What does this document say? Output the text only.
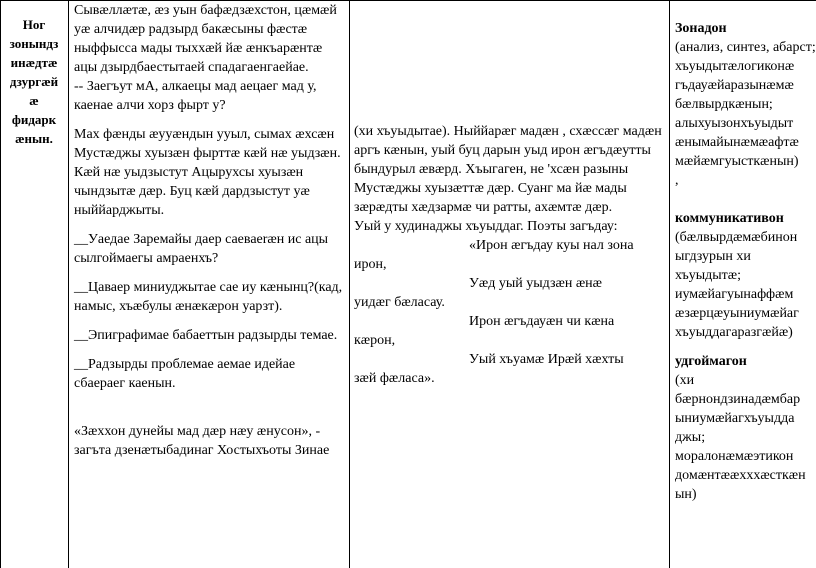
Ног
зонындз
инæдтæ
дзургæй
æ
фидарк
æнын.

Сывæллæтæ, æз уын бафæдзæхстон, цæмæй уæ алчидæр радзырд бакæсыны фæстæ ныффысса мады тыххæй йæ æнкъарæнтæ ацы дзырдбаестытаей спадагаенгаейае.

-- Заегъут мА, алкаецы мад аецаег мад у, каенае алчи хорз фырт у?

Мах фæнды æууæндын ууыл, сымах æхсæн Мустæджы хуызæн фырттæ кæй нæ уыдзæн. Кæй нæ уыдзыстут Ацырухсы хуызæн чындзытæ дæр. Буц кæй дардзыстут уæ ныййарджыты.

__Уаедае Заремайы даер саеваеræн ис ацы сылгоймаегы амраенхъ?

__Цаваер миниуджытае сае иу кæнынц?(кад, намыс, хъæбулы æнæкæрон уарзт).

__Эпиграфимае бабаеттын радзырды темае.

__Радзырды проблемае аемае идейае сбаераег каенын.

«Зæххон дунейы мад дæр нæу æнусон», - загъта дзенæтыбадинаг Хостыхъоты Зинае

(хи хъуыдытае). Ныййарæг мадæн , схæссæг мадæн аргъ кæнын, уый буц дарын уыд ирон æгъдæутты бындурыл æвæрд. Хъыгаген, не 'хсæн разыны Мустæджы хуызæттæ дæр. Суанг ма йæ мады зæрæдты хæдзармæ чи ратты, ахæмтæ дæр.

Уый у худинаджы хъуыддаг. Поэты загъдау:

«Ирон æгъдау куы нал зона
ирон,

Уæд уый уыдзæн æнæ
уидæг бæласау.

Ирон æгъдауæн чи кæна
кæрон,

Уый хъуамæ Ирæй хæхты
зæй фæласа».

Зонадон

(анализ, синтез, абарст; хъуыдытæлогиконæ гъдауæйаразынæмæ бæлвырдкæнын; алыхуызонхъуыдыт æнымайынæмæафтæ мæйæмгуысткæнын)

,

коммуникативон

(бæлвырдæмæбинон ыгдзурын хи хъуыдытæ; иумæйагуынаффæм æзæрцæуыниумæйаг хъуыддагаразгæйæ)

удгоймагон

(хи бæрнондзинадæмбар ыниумæйагхъуыдда джы; моралонæмæэтикон домæнтææхххæсткæн ын)
